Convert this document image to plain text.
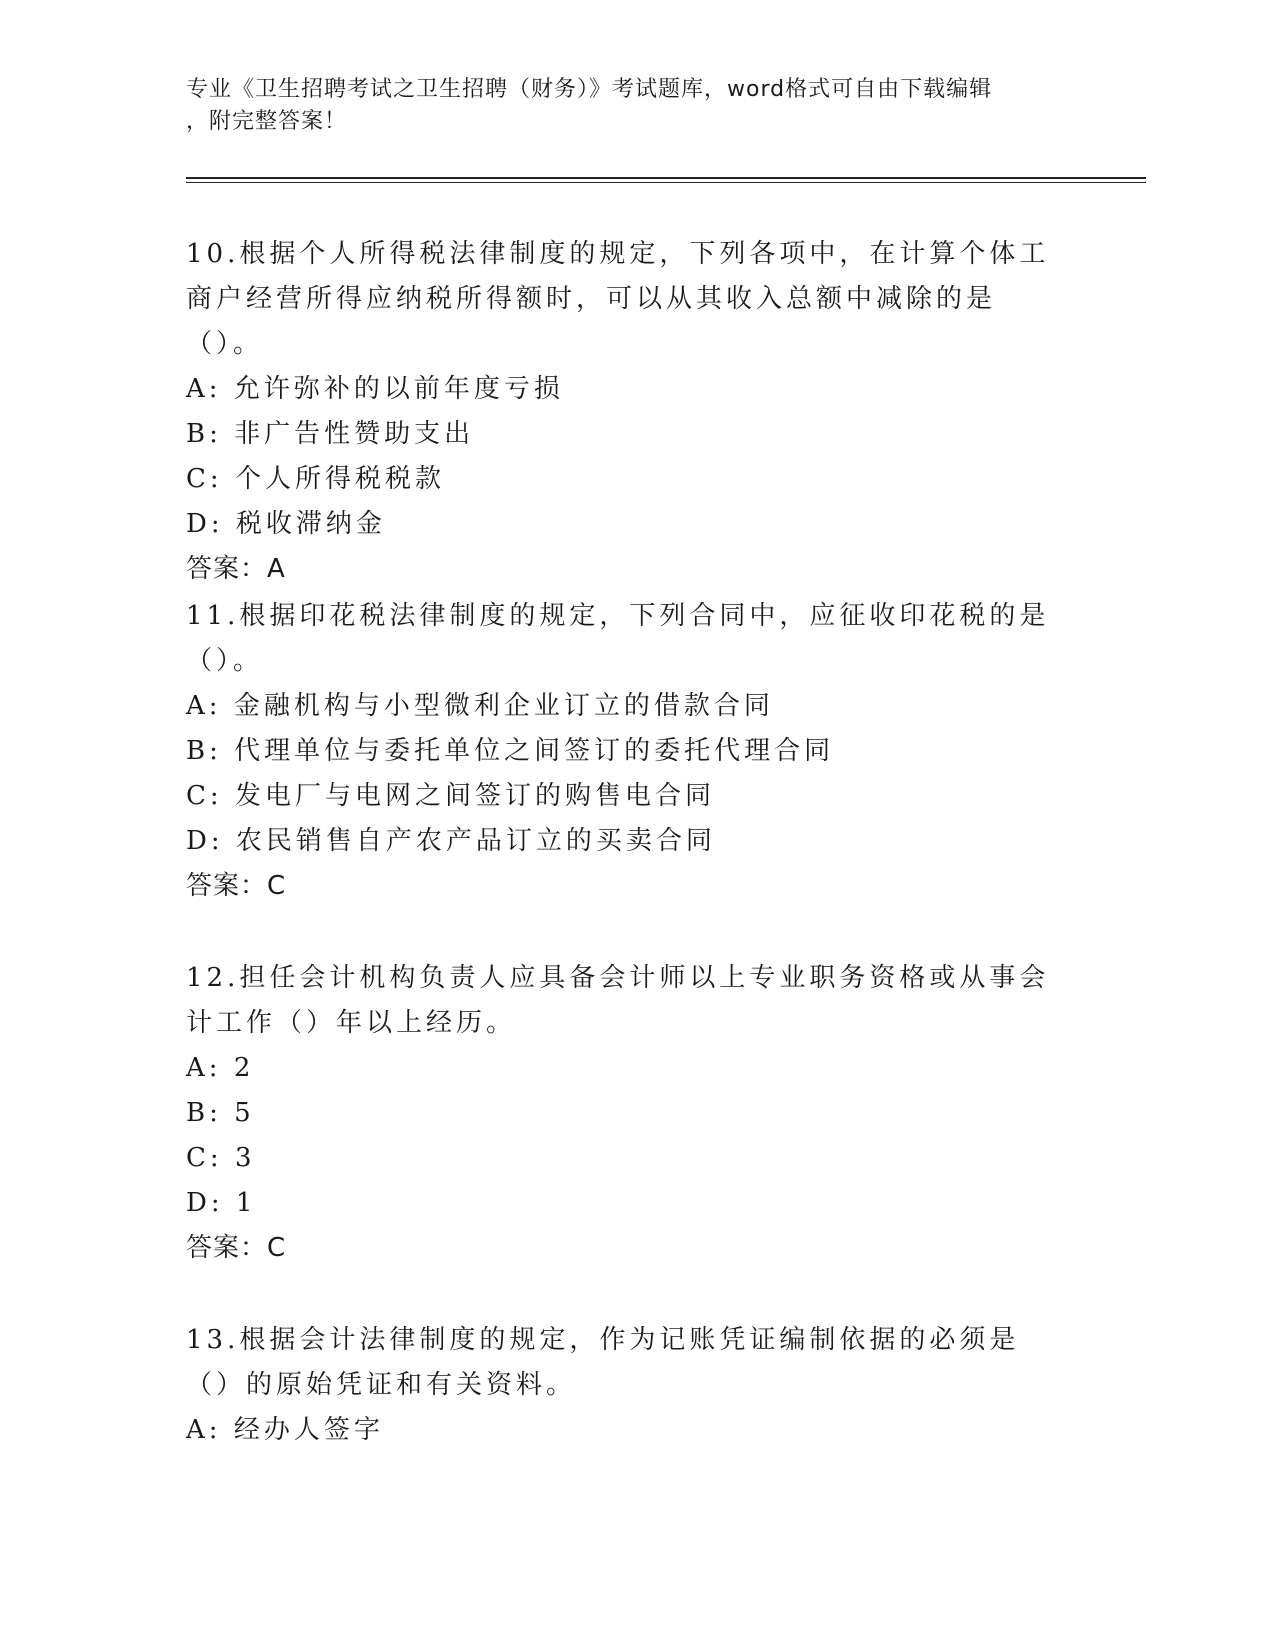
专业《卫生招聘考试之卫生招聘（财务）》考试题库，word格式可自由下载编辑
，附完整答案！

10.根据个人所得税法律制度的规定，下列各项中，在计算个体工商户经营所得应纳税所得额时，可以从其收入总额中减除的是（）。

A: 允许弥补的以前年度亏损

B: 非广告性赞助支出

C: 个人所得税税款

D: 税收滞纳金

答案：A

11.根据印花税法律制度的规定，下列合同中，应征收印花税的是（）。

A: 金融机构与小型微利企业订立的借款合同

B: 代理单位与委托单位之间签订的委托代理合同

C: 发电厂与电网之间签订的购售电合同

D: 农民销售自产农产品订立的买卖合同

答案：C

12.担任会计机构负责人应具备会计师以上专业职务资格或从事会计工作（）年以上经历。

A: 2

B: 5

C: 3

D: 1

答案：C

13.根据会计法律制度的规定，作为记账凭证编制依据的必须是（）的原始凭证和有关资料。

A: 经办人签字
